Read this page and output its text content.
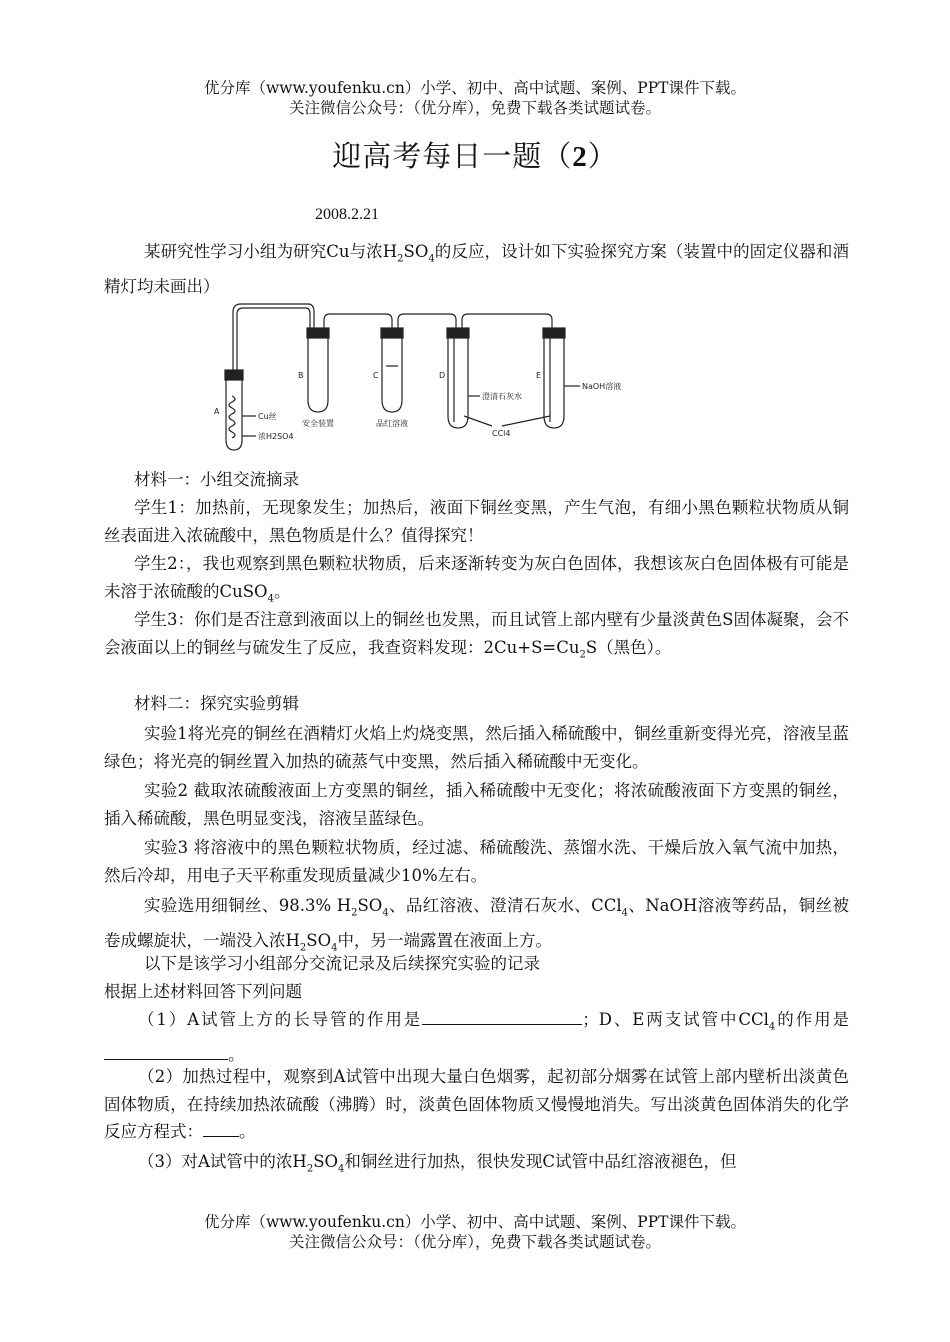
优分库（www.youfenku.cn）小学、初中、高中试题、案例、PPT课件下载。
关注微信公众号：（优分库），免费下载各类试题试卷。
迎高考每日一题（2）
2008.2.21
某研究性学习小组为研究Cu与浓$H_2SO_4$的反应，设计如下实验探究方案（装置中的固定仪器和酒精灯均未画出）
A
B	C	D	E
Cu丝
浓H2SO4
安全装置	品红溶液
澄清石灰水
CCl4
NaOH溶液
材料一：小组交流摘录
学生1：加热前，无现象发生；加热后，液面下铜丝变黑，产生气泡，有细小黑色颗粒状物质从铜丝表面进入浓硫酸中，黑色物质是什么？值得探究！
学生2：，我也观察到黑色颗粒状物质，后来逐渐转变为灰白色固体，我想该灰白色固体极有可能是未溶于浓硫酸的CuSO$_4$。
学生3：你们是否注意到液面以上的铜丝也发黑，而且试管上部内壁有少量淡黄色S固体凝聚，会不会液面以上的铜丝与硫发生了反应，我查资料发现：$2Cu+S=Cu_2S$（黑色）。
材料二：探究实验剪辑
实验1将光亮的铜丝在酒精灯火焰上灼烧变黑，然后插入稀硫酸中，铜丝重新变得光亮，溶液呈蓝绿色；将光亮的铜丝置入加热的硫蒸气中变黑，然后插入稀硫酸中无变化。
实验2 截取浓硫酸液面上方变黑的铜丝，插入稀硫酸中无变化；将浓硫酸液面下方变黑的铜丝，插入稀硫酸，黑色明显变浅，溶液呈蓝绿色。
实验3 将溶液中的黑色颗粒状物质，经过滤、稀硫酸洗、蒸馏水洗、干燥后放入氧气流中加热，然后冷却，用电子天平称重发现质量减少10%左右。
实验选用细铜丝、98.3% $H_2SO_4$、品红溶液、澄清石灰水、CCl$_4$、NaOH溶液等药品，铜丝被卷成螺旋状，一端没入浓$H_2SO_4$中，另一端露置在液面上方。
以下是该学习小组部分交流记录及后续探究实验的记录
根据上述材料回答下列问题
（1）A试管上方的长导管的作用是	；D、E两支试管中CCl$_4$的作用是。
（2）加热过程中，观察到A试管中出现大量白色烟雾，起初部分烟雾在试管上部内壁析出淡黄色固体物质，在持续加热浓硫酸（沸腾）时，淡黄色固体物质又慢慢地消失。写出淡黄色固体消失的化学反应方程式： 。
（3）对A试管中的浓$H_2SO_4$和铜丝进行加热，很快发现C试管中品红溶液褪色，但
优分库（www.youfenku.cn）小学、初中、高中试题、案例、PPT课件下载。
关注微信公众号：（优分库），免费下载各类试题试卷。
